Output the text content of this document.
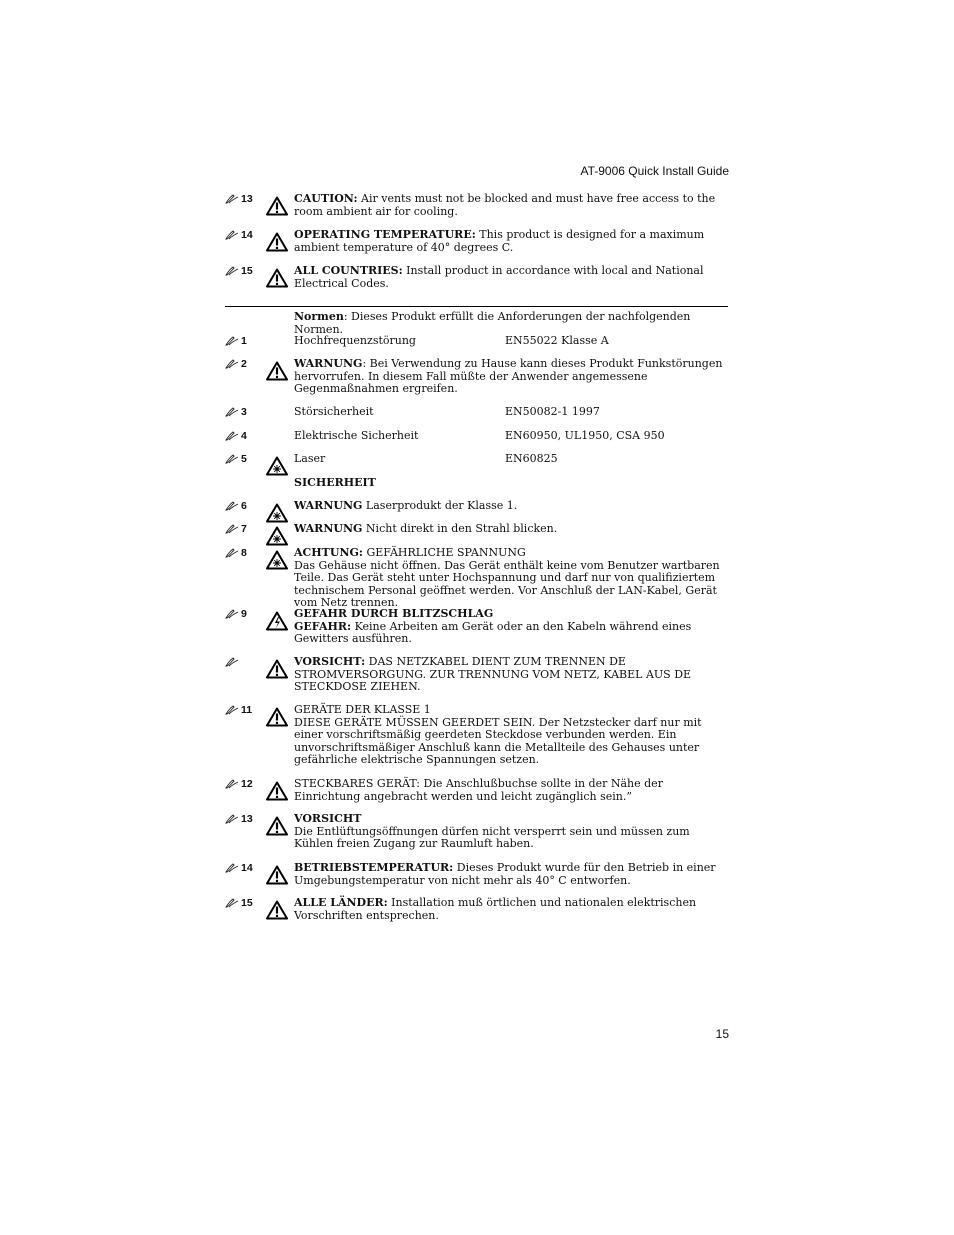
AT-9006 Quick Install Guide
13	CAUTION: Air vents must not be blocked and must have free access to the room ambient air for cooling.
14	OPERATING TEMPERATURE: This product is designed for a maximum ambient temperature of 40° degrees C.
15	ALL COUNTRIES: Install product in accordance with local and National Electrical Codes.
Normen: Dieses Produkt erfüllt die Anforderungen der nachfolgenden Normen.
1	Hochfrequenzstörung	EN55022 Klasse A
2	WARNUNG: Bei Verwendung zu Hause kann dieses Produkt Funkstörungen hervorrufen. In diesem Fall müßte der Anwender angemessene Gegenmaßnahmen ergreifen.
3	Störsicherheit	EN50082-1 1997
4	Elektrische Sicherheit	EN60950, UL1950, CSA 950
5	Laser	EN60825
SICHERHEIT
6	WARNUNG Laserprodukt der Klasse 1.
7	WARNUNG Nicht direkt in den Strahl blicken.
8	ACHTUNG: GEFÄHRLICHE SPANNUNG
Das Gehäuse nicht öffnen. Das Gerät enthält keine vom Benutzer wartbaren Teile. Das Gerät steht unter Hochspannung und darf nur von qualifiziertem technischem Personal geöffnet werden. Vor Anschluß der LAN-Kabel, Gerät vom Netz trennen.
9	GEFAHR DURCH BLITZSCHLAG
GEFAHR: Keine Arbeiten am Gerät oder an den Kabeln während eines Gewitters ausführen.
VORSICHT: DAS NETZKABEL DIENT ZUM TRENNEN DE STROMVERSORGUNG. ZUR TRENNUNG VOM NETZ, KABEL AUS DE STECKDOSE ZIEHEN.
11	GERÄTE DER KLASSE 1
DIESE GERÄTE MÜSSEN GEERDET SEIN. Der Netzstecker darf nur mit einer vorschriftsmäßig geerdeten Steckdose verbunden werden. Ein unvorschriftsmäßiger Anschluß kann die Metallteile des Gehauses unter gefährliche elektrische Spannungen setzen.
12	STECKBARES GERÄT: Die Anschlußbuchse sollte in der Nähe der Einrichtung angebracht werden und leicht zugänglich sein.”
13	VORSICHT
Die Entlüftungsöffnungen dürfen nicht versperrt sein und müssen zum Kühlen freien Zugang zur Raumluft haben.
14	BETRIEBSTEMPERATUR: Dieses Produkt wurde für den Betrieb in einer Umgebungstemperatur von nicht mehr als 40° C entworfen.
15	ALLE LÄNDER: Installation muß örtlichen und nationalen elektrischen Vorschriften entsprechen.
15
